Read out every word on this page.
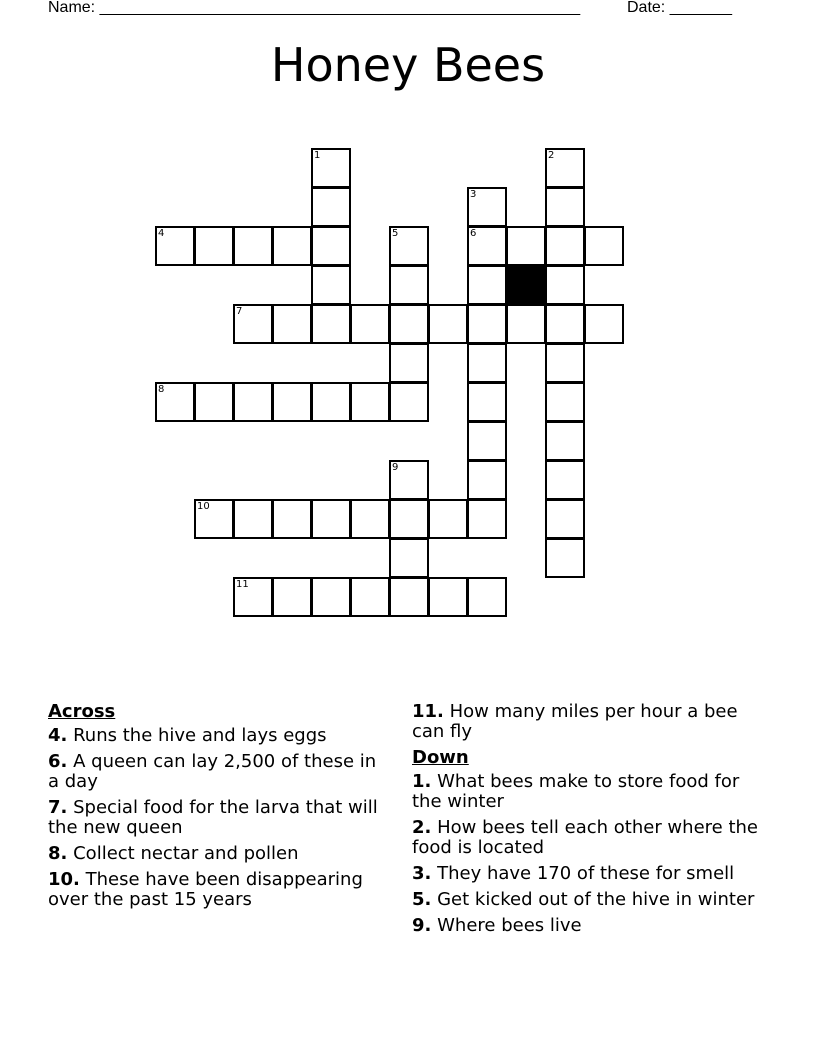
Name: ______________________________________________________	Date: _______
Honey Bees
1
3
4	5	6
7
8
9
10
11
2
Across
4. Runs the hive and lays eggs
6. A queen can lay 2,500 of these in a day
7. Special food for the larva that will the new queen
8. Collect nectar and pollen
10. These have been disappearing over the past 15 years
11. How many miles per hour a bee can fly
Down
1. What bees make to store food for the winter
2. How bees tell each other where the food is located
3. They have 170 of these for smell
5. Get kicked out of the hive in winter
9. Where bees live
